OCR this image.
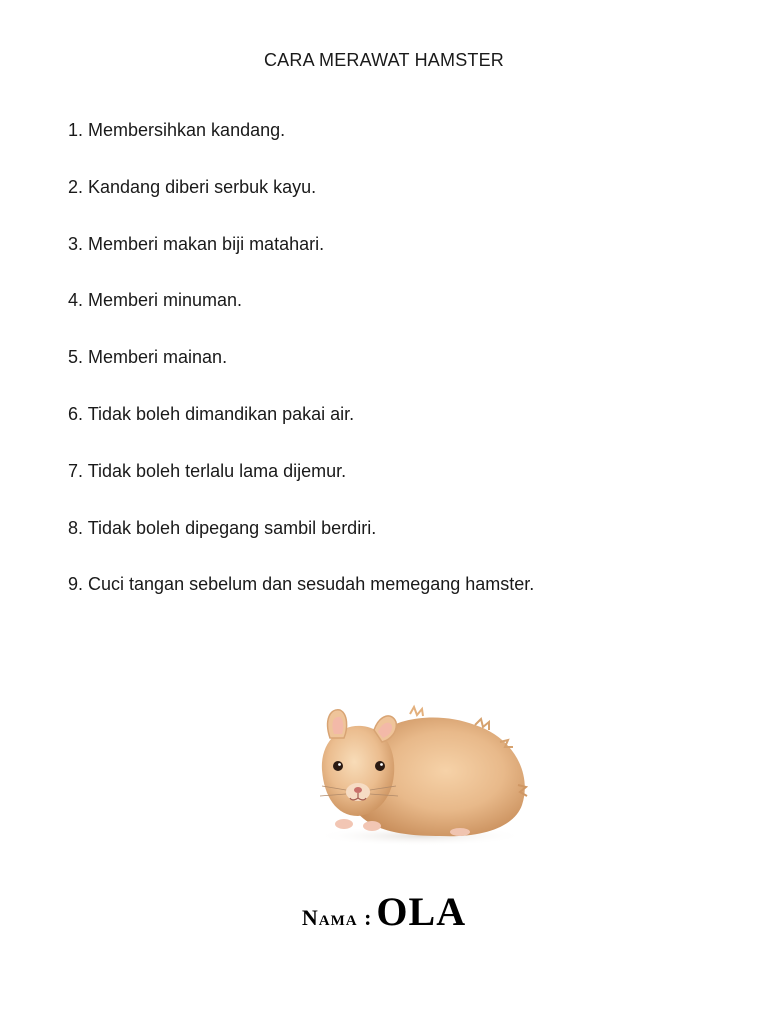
CARA MERAWAT HAMSTER
1. Membersihkan kandang.
2. Kandang diberi serbuk kayu.
3. Memberi makan biji matahari.
4. Memberi minuman.
5. Memberi mainan.
6. Tidak boleh dimandikan pakai air.
7. Tidak boleh terlalu lama dijemur.
8. Tidak boleh dipegang sambil berdiri.
9. Cuci tangan sebelum dan sesudah memegang hamster.
Nama : OLA
